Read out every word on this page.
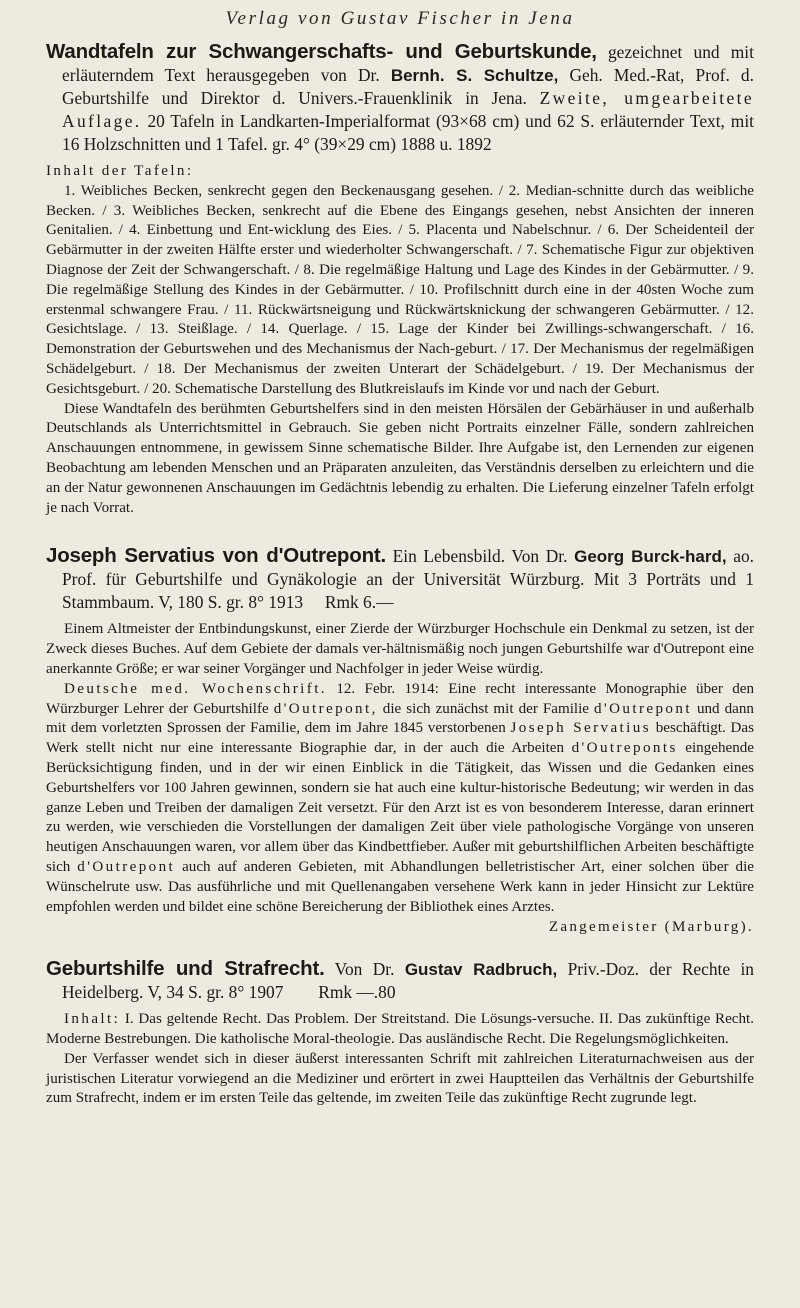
Verlag von Gustav Fischer in Jena

Wandtafeln zur Schwangerschafts- und Geburtskunde, gezeichnet und mit erläuterndem Text herausgegeben von Dr. Bernh. S. Schultze, Geh. Med.-Rat, Prof. d. Geburtshilfe und Direktor d. Univers.-Frauenklinik in Jena. Zweite, umgearbeitete Auflage. 20 Tafeln in Landkarten-Imperialformat (93×68 cm) und 62 S. erläuternder Text, mit 16 Holzschnitten und 1 Tafel. gr. 4° (39×29 cm) 1888 u. 1892

Inhalt der Tafeln:

1. Weibliches Becken, senkrecht gegen den Beckenausgang gesehen. / 2. Median-schnitte durch das weibliche Becken. / 3. Weibliches Becken, senkrecht auf die Ebene des Eingangs gesehen, nebst Ansichten der inneren Genitalien. / 4. Einbettung und Ent-wicklung des Eies. / 5. Placenta und Nabelschnur. / 6. Der Scheidenteil der Gebärmutter in der zweiten Hälfte erster und wiederholter Schwangerschaft. / 7. Schematische Figur zur objektiven Diagnose der Zeit der Schwangerschaft. / 8. Die regelmäßige Haltung und Lage des Kindes in der Gebärmutter. / 9. Die regelmäßige Stellung des Kindes in der Gebärmutter. / 10. Profilschnitt durch eine in der 40sten Woche zum erstenmal schwangere Frau. / 11. Rückwärtsneigung und Rückwärtsknickung der schwangeren Gebärmutter. / 12. Gesichtslage. / 13. Steißlage. / 14. Querlage. / 15. Lage der Kinder bei Zwillings-schwangerschaft. / 16. Demonstration der Geburtswehen und des Mechanismus der Nach-geburt. / 17. Der Mechanismus der regelmäßigen Schädelgeburt. / 18. Der Mechanismus der zweiten Unterart der Schädelgeburt. / 19. Der Mechanismus der Gesichtsgeburt. / 20. Schematische Darstellung des Blutkreislaufs im Kinde vor und nach der Geburt.

Diese Wandtafeln des berühmten Geburtshelfers sind in den meisten Hörsälen der Gebärhäuser in und außerhalb Deutschlands als Unterrichtsmittel in Gebrauch. Sie geben nicht Portraits einzelner Fälle, sondern zahlreichen Anschauungen entnommene, in gewissem Sinne schematische Bilder. Ihre Aufgabe ist, den Lernenden zur eigenen Beobachtung am lebenden Menschen und an Präparaten anzuleiten, das Verständnis derselben zu erleichtern und die an der Natur gewonnenen Anschauungen im Gedächtnis lebendig zu erhalten. Die Lieferung einzelner Tafeln erfolgt je nach Vorrat.

Joseph Servatius von d'Outrepont. Ein Lebensbild. Von Dr. Georg Burck-hard, ao. Prof. für Geburtshilfe und Gynäkologie an der Universität Würzburg. Mit 3 Porträts und 1 Stammbaum. V, 180 S. gr. 8° 1913 Rmk 6.—

Einem Altmeister der Entbindungskunst, einer Zierde der Würzburger Hochschule ein Denkmal zu setzen, ist der Zweck dieses Buches. Auf dem Gebiete der damals ver-hältnismäßig noch jungen Geburtshilfe war d'Outrepont eine anerkannte Größe; er war seiner Vorgänger und Nachfolger in jeder Weise würdig.

Deutsche med. Wochenschrift. 12. Febr. 1914: Eine recht interessante Monographie über den Würzburger Lehrer der Geburtshilfe d'Outrepont, die sich zunächst mit der Familie d'Outrepont und dann mit dem vorletzten Sprossen der Familie, dem im Jahre 1845 verstorbenen Joseph Servatius beschäftigt. Das Werk stellt nicht nur eine interessante Biographie dar, in der auch die Arbeiten d'Outreponts eingehende Berücksichtigung finden, und in der wir einen Einblick in die Tätigkeit, das Wissen und die Gedanken eines Geburtshelfers vor 100 Jahren gewinnen, sondern sie hat auch eine kultur-historische Bedeutung; wir werden in das ganze Leben und Treiben der damaligen Zeit versetzt. Für den Arzt ist es von besonderem Interesse, daran erinnert zu werden, wie verschieden die Vorstellungen der damaligen Zeit über viele pathologische Vorgänge von unseren heutigen Anschauungen waren, vor allem über das Kindbettfieber. Außer mit geburtshilflichen Arbeiten beschäftigte sich d'Outrepont auch auf anderen Gebieten, mit Abhandlungen belletristischer Art, einer solchen über die Wünschelrute usw. Das ausführliche und mit Quellenangaben versehene Werk kann in jeder Hinsicht zur Lektüre empfohlen werden und bildet eine schöne Bereicherung der Bibliothek eines Arztes.

Zangemeister (Marburg).

Geburtshilfe und Strafrecht. Von Dr. Gustav Radbruch, Priv.-Doz. der Rechte in Heidelberg. V, 34 S. gr. 8° 1907 Rmk —.80

Inhalt: I. Das geltende Recht. Das Problem. Der Streitstand. Die Lösungs-versuche. II. Das zukünftige Recht. Moderne Bestrebungen. Die katholische Moral-theologie. Das ausländische Recht. Die Regelungsmöglichkeiten.

Der Verfasser wendet sich in dieser äußerst interessanten Schrift mit zahlreichen Literaturnachweisen aus der juristischen Literatur vorwiegend an die Mediziner und erörtert in zwei Hauptteilen das Verhältnis der Geburtshilfe zum Strafrecht, indem er im ersten Teile das geltende, im zweiten Teile das zukünftige Recht zugrunde legt.
